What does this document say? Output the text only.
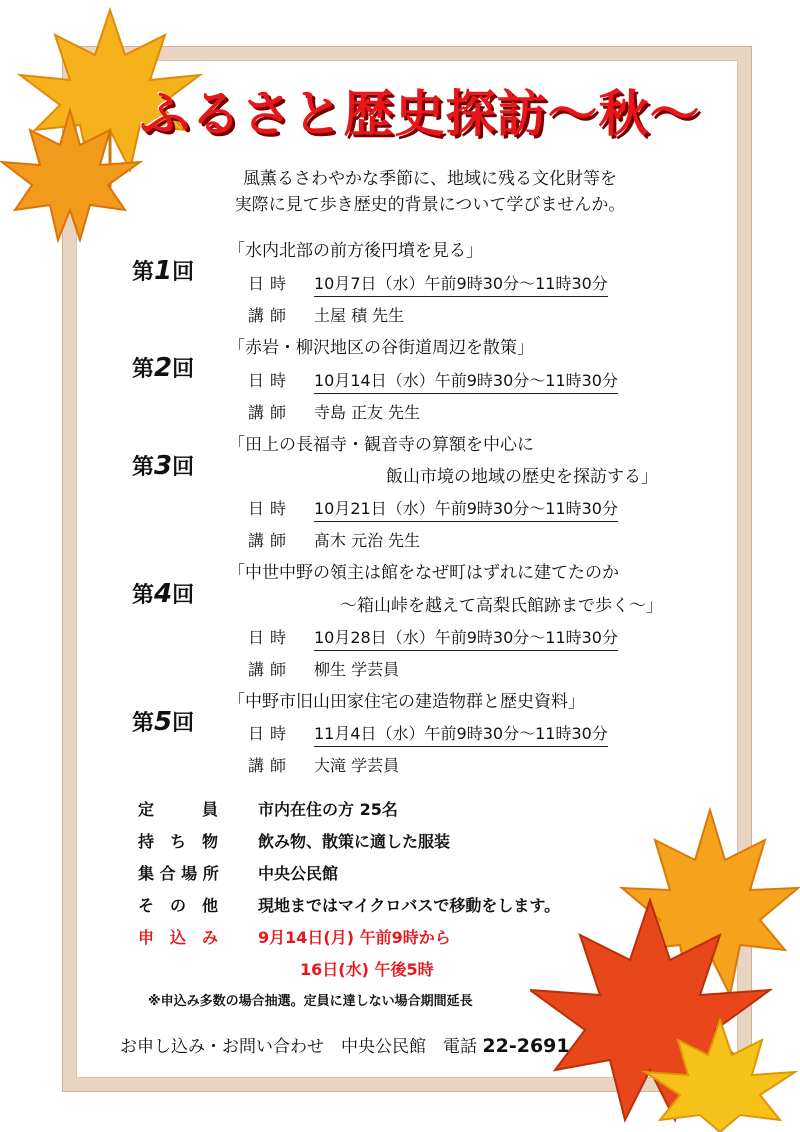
ふるさと歴史探訪～秋～
風薫るさわやかな季節に、地域に残る文化財等を
実際に見て歩き歴史的背景について学びませんか。
第1回
「水内北部の前方後円墳を見る」
日時 10月7日（水）午前9時30分～11時30分
講師 土屋 積 先生
第2回
「赤岩・柳沢地区の谷街道周辺を散策」
日時 10月14日（水）午前9時30分～11時30分
講師 寺島 正友 先生
第3回
「田上の長福寺・観音寺の算額を中心に
飯山市境の地域の歴史を探訪する」
日時 10月21日（水）午前9時30分～11時30分
講師 髙木 元治 先生
第4回
「中世中野の領主は館をなぜ町はずれに建てたのか
～箱山峠を越えて高梨氏館跡まで歩く～」
日時 10月28日（水）午前9時30分～11時30分
講師 柳生 学芸員
第5回
「中野市旧山田家住宅の建造物群と歴史資料」
日時 11月4日（水）午前9時30分～11時30分
講師 大滝 学芸員
定　　　員 市内在住の方 25名
持　ち　物 飲み物、散策に適した服装
集 合 場 所 中央公民館
そ　の　他 現地まではマイクロバスで移動をします。
申　込　み 9月14日(月) 午前9時から
16日(水) 午後5時
※申込み多数の場合抽選。定員に達しない場合期間延長
お申し込み・お問い合わせ　中央公民館　電話 22-2691
